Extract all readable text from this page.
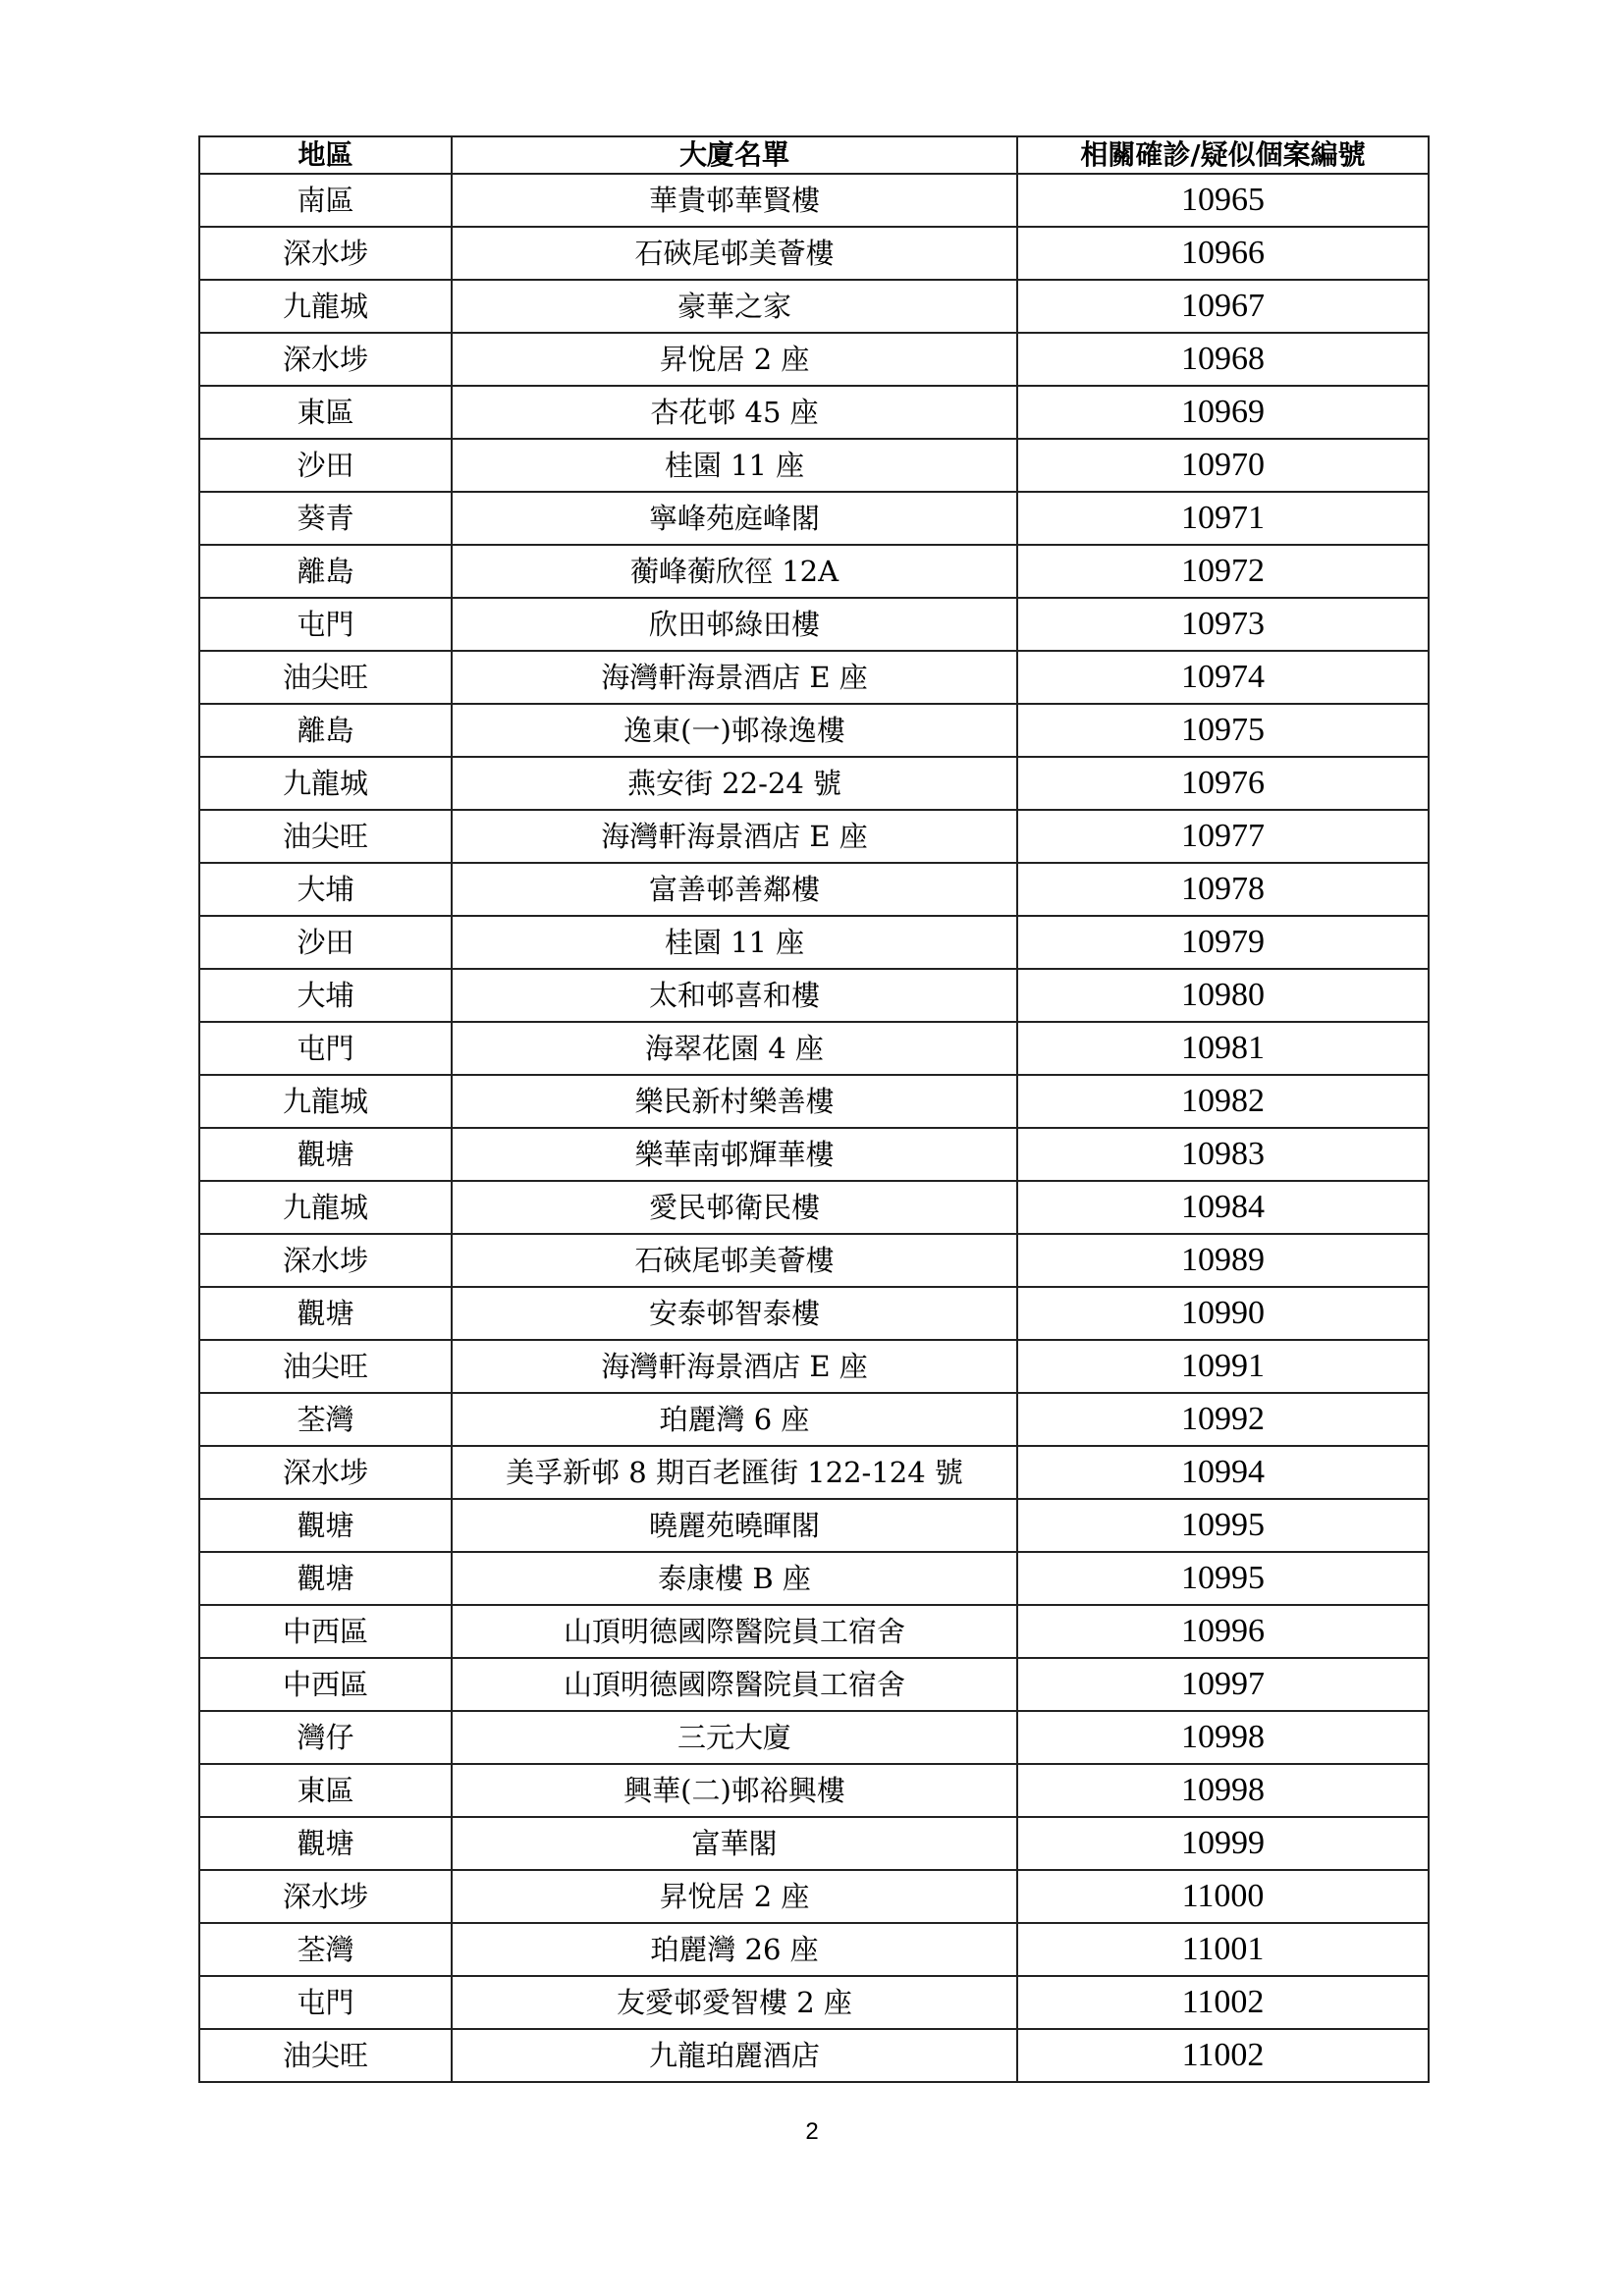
地區	大廈名單	相關確診/疑似個案編號
南區	華貴邨華賢樓	10965
深水埗	石硤尾邨美薈樓	10966
九龍城	豪華之家	10967
深水埗	昇悅居 2 座	10968
東區	杏花邨 45 座	10969
沙田	桂園 11 座	10970
葵青	寧峰苑庭峰閣	10971
離島	蘅峰蘅欣徑 12A	10972
屯門	欣田邨綠田樓	10973
油尖旺	海灣軒海景酒店 E 座	10974
離島	逸東(一)邨祿逸樓	10975
九龍城	燕安街 22-24 號	10976
油尖旺	海灣軒海景酒店 E 座	10977
大埔	富善邨善鄰樓	10978
沙田	桂園 11 座	10979
大埔	太和邨喜和樓	10980
屯門	海翠花園 4 座	10981
九龍城	樂民新村樂善樓	10982
觀塘	樂華南邨輝華樓	10983
九龍城	愛民邨衛民樓	10984
深水埗	石硤尾邨美薈樓	10989
觀塘	安泰邨智泰樓	10990
油尖旺	海灣軒海景酒店 E 座	10991
荃灣	珀麗灣 6 座	10992
深水埗	美孚新邨 8 期百老匯街 122-124 號	10994
觀塘	曉麗苑曉暉閣	10995
觀塘	泰康樓 B 座	10995
中西區	山頂明德國際醫院員工宿舍	10996
中西區	山頂明德國際醫院員工宿舍	10997
灣仔	三元大廈	10998
東區	興華(二)邨裕興樓	10998
觀塘	富華閣	10999
深水埗	昇悅居 2 座	11000
荃灣	珀麗灣 26 座	11001
屯門	友愛邨愛智樓 2 座	11002
油尖旺	九龍珀麗酒店	11002
2
